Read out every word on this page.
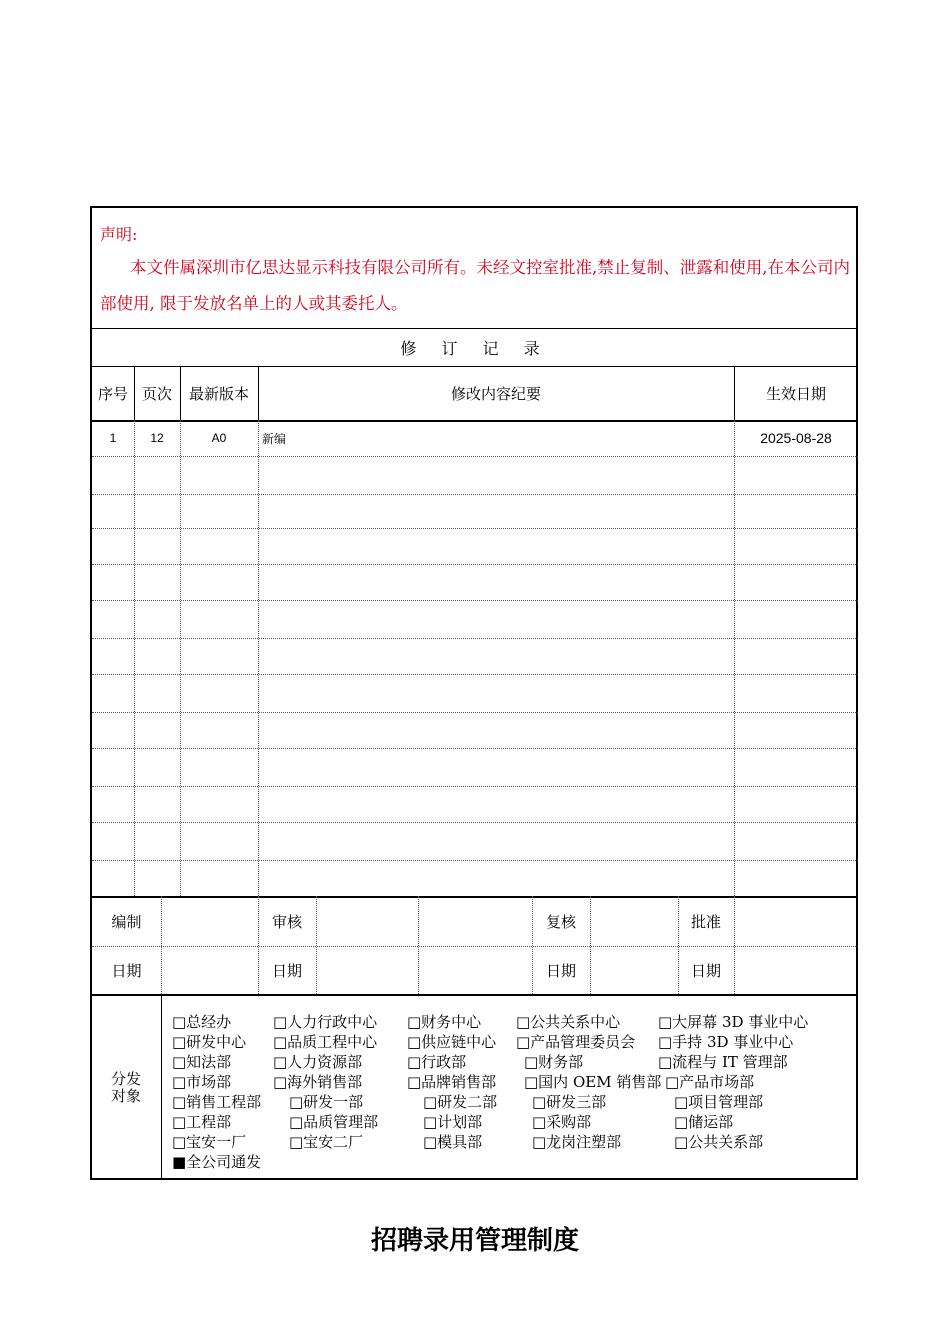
声明:
本文件属深圳市亿思达显示科技有限公司所有。未经文控室批准,禁止复制、泄露和使用,在本公司内部使用, 限于发放名单上的人或其委托人。
修 订 记 录
序号 页次	最新版本	修改内容纪要	生效日期
1	12	A0	新编	2025-08-28
编制	审核	复核	批准
日期	日期	日期	日期
分发
对象
□总经办	□人力行政中心 □财务中心 □公共关系中心	□大屏幕 3D 事业中心
□研发中心 □品质工程中心 □供应链中心 □产品管理委员会 □手持 3D 事业中心
□知法部	□人力资源部	□行政部	□财务部	□流程与 IT 管理部
□市场部	□海外销售部	□品牌销售部 □国内 OEM 销售部 □产品市场部
□销售工程部 □研发一部	□研发二部 □研发三部	□项目管理部
□工程部	□品质管理部	□计划部	□采购部	□储运部
□宝安一厂	□宝安二厂	□模具部	□龙岗注塑部	□公共关系部
■全公司通发
招聘录用管理制度
